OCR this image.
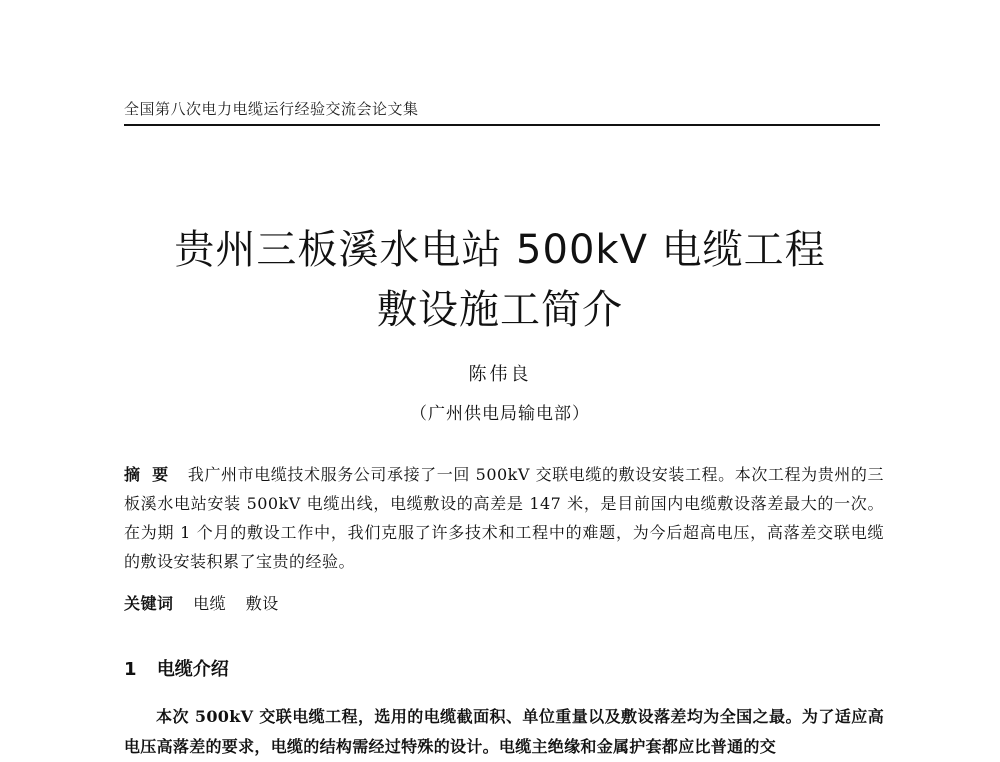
全国第八次电力电缆运行经验交流会论文集
贵州三板溪水电站 500kV 电缆工程
敷设施工简介
陈伟良
（广州供电局输电部）
摘要 我广州市电缆技术服务公司承接了一回 500kV 交联电缆的敷设安装工程。本次工程为贵州的三板溪水电站安装 500kV 电缆出线，电缆敷设的高差是 147 米，是目前国内电缆敷设落差最大的一次。在为期 1 个月的敷设工作中，我们克服了许多技术和工程中的难题，为今后超高电压，高落差交联电缆的敷设安装积累了宝贵的经验。
关键词 电缆 敷设
1 电缆介绍
本次 500kV 交联电缆工程，选用的电缆截面积、单位重量以及敷设落差均为全国之最。为了适应高电压高落差的要求，电缆的结构需经过特殊的设计。电缆主绝缘和金属护套都应比普通的交
